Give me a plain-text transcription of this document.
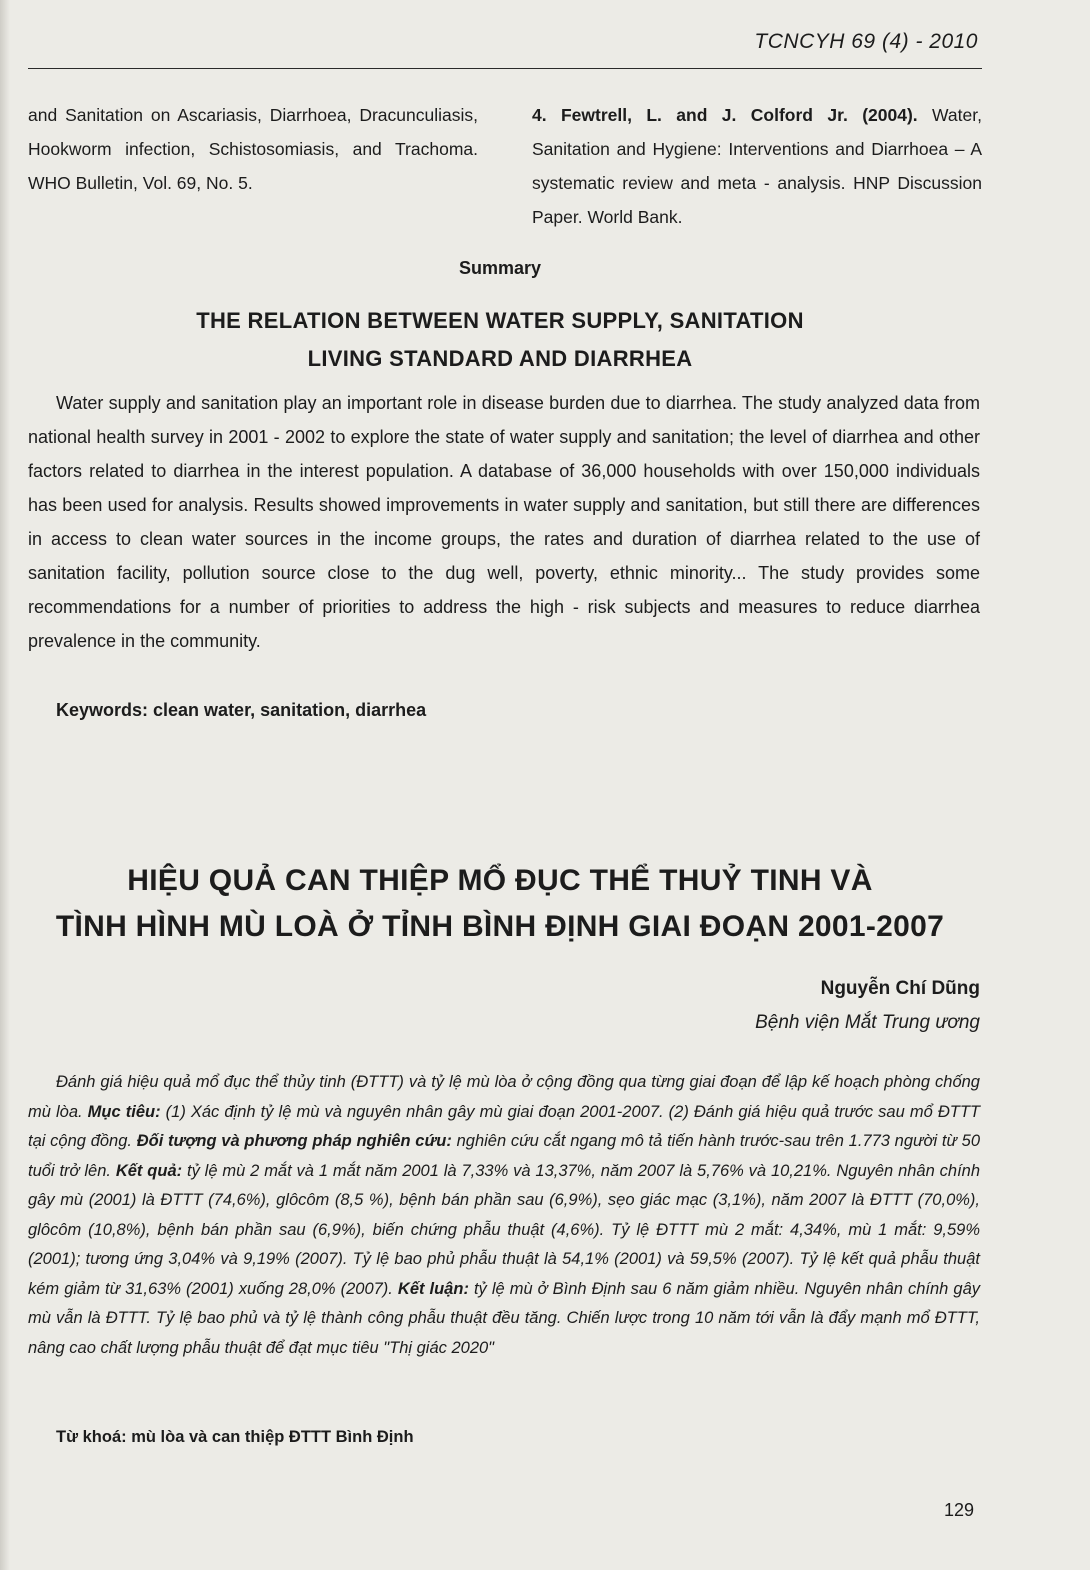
TCNCYH 69 (4) - 2010
and Sanitation on Ascariasis, Diarrhoea, Dracunculiasis, Hookworm infection, Schistosomiasis, and Trachoma. WHO Bulletin, Vol. 69, No. 5.
4. Fewtrell, L. and J. Colford Jr. (2004). Water, Sanitation and Hygiene: Interventions and Diarrhoea – A systematic review and meta - analysis. HNP Discussion Paper. World Bank.
Summary
THE RELATION BETWEEN WATER SUPPLY, SANITATION
LIVING STANDARD AND DIARRHEA
Water supply and sanitation play an important role in disease burden due to diarrhea. The study analyzed data from national health survey in 2001 - 2002 to explore the state of water supply and sanitation; the level of diarrhea and other factors related to diarrhea in the interest population. A database of 36,000 households with over 150,000 individuals has been used for analysis. Results showed improvements in water supply and sanitation, but still there are differences in access to clean water sources in the income groups, the rates and duration of diarrhea related to the use of sanitation facility, pollution source close to the dug well, poverty, ethnic minority... The study provides some recommendations for a number of priorities to address the high - risk subjects and measures to reduce diarrhea prevalence in the community.
Keywords: clean water, sanitation, diarrhea
HIỆU QUẢ CAN THIỆP MỔ ĐỤC THỂ THUỶ TINH VÀ
TÌNH HÌNH MÙ LOÀ Ở TỈNH BÌNH ĐỊNH GIAI ĐOẠN 2001-2007
Nguyễn Chí Dũng
Bệnh viện Mắt Trung ương
Đánh giá hiệu quả mổ đục thể thủy tinh (ĐTTT) và tỷ lệ mù lòa ở cộng đồng qua từng giai đoạn để lập kế hoạch phòng chống mù lòa. Mục tiêu: (1) Xác định tỷ lệ mù và nguyên nhân gây mù giai đoạn 2001-2007. (2) Đánh giá hiệu quả trước sau mổ ĐTTT tại cộng đồng. Đối tượng và phương pháp nghiên cứu: nghiên cứu cắt ngang mô tả tiến hành trước-sau trên 1.773 người từ 50 tuổi trở lên. Kết quả: tỷ lệ mù 2 mắt và 1 mắt năm 2001 là 7,33% và 13,37%, năm 2007 là 5,76% và 10,21%. Nguyên nhân chính gây mù (2001) là ĐTTT (74,6%), glôcôm (8,5 %), bệnh bán phần sau (6,9%), sẹo giác mạc (3,1%), năm 2007 là ĐTTT (70,0%), glôcôm (10,8%), bệnh bán phần sau (6,9%), biến chứng phẫu thuật (4,6%). Tỷ lệ ĐTTT mù 2 mắt: 4,34%, mù 1 mắt: 9,59% (2001); tương ứng 3,04% và 9,19% (2007). Tỷ lệ bao phủ phẫu thuật là 54,1% (2001) và 59,5% (2007). Tỷ lệ kết quả phẫu thuật kém giảm từ 31,63% (2001) xuống 28,0% (2007). Kết luận: tỷ lệ mù ở Bình Định sau 6 năm giảm nhiều. Nguyên nhân chính gây mù vẫn là ĐTTT. Tỷ lệ bao phủ và tỷ lệ thành công phẫu thuật đều tăng. Chiến lược trong 10 năm tới vẫn là đẩy mạnh mổ ĐTTT, nâng cao chất lượng phẫu thuật để đạt mục tiêu "Thị giác 2020"
Từ khoá: mù lòa và can thiệp ĐTTT Bình Định
129
